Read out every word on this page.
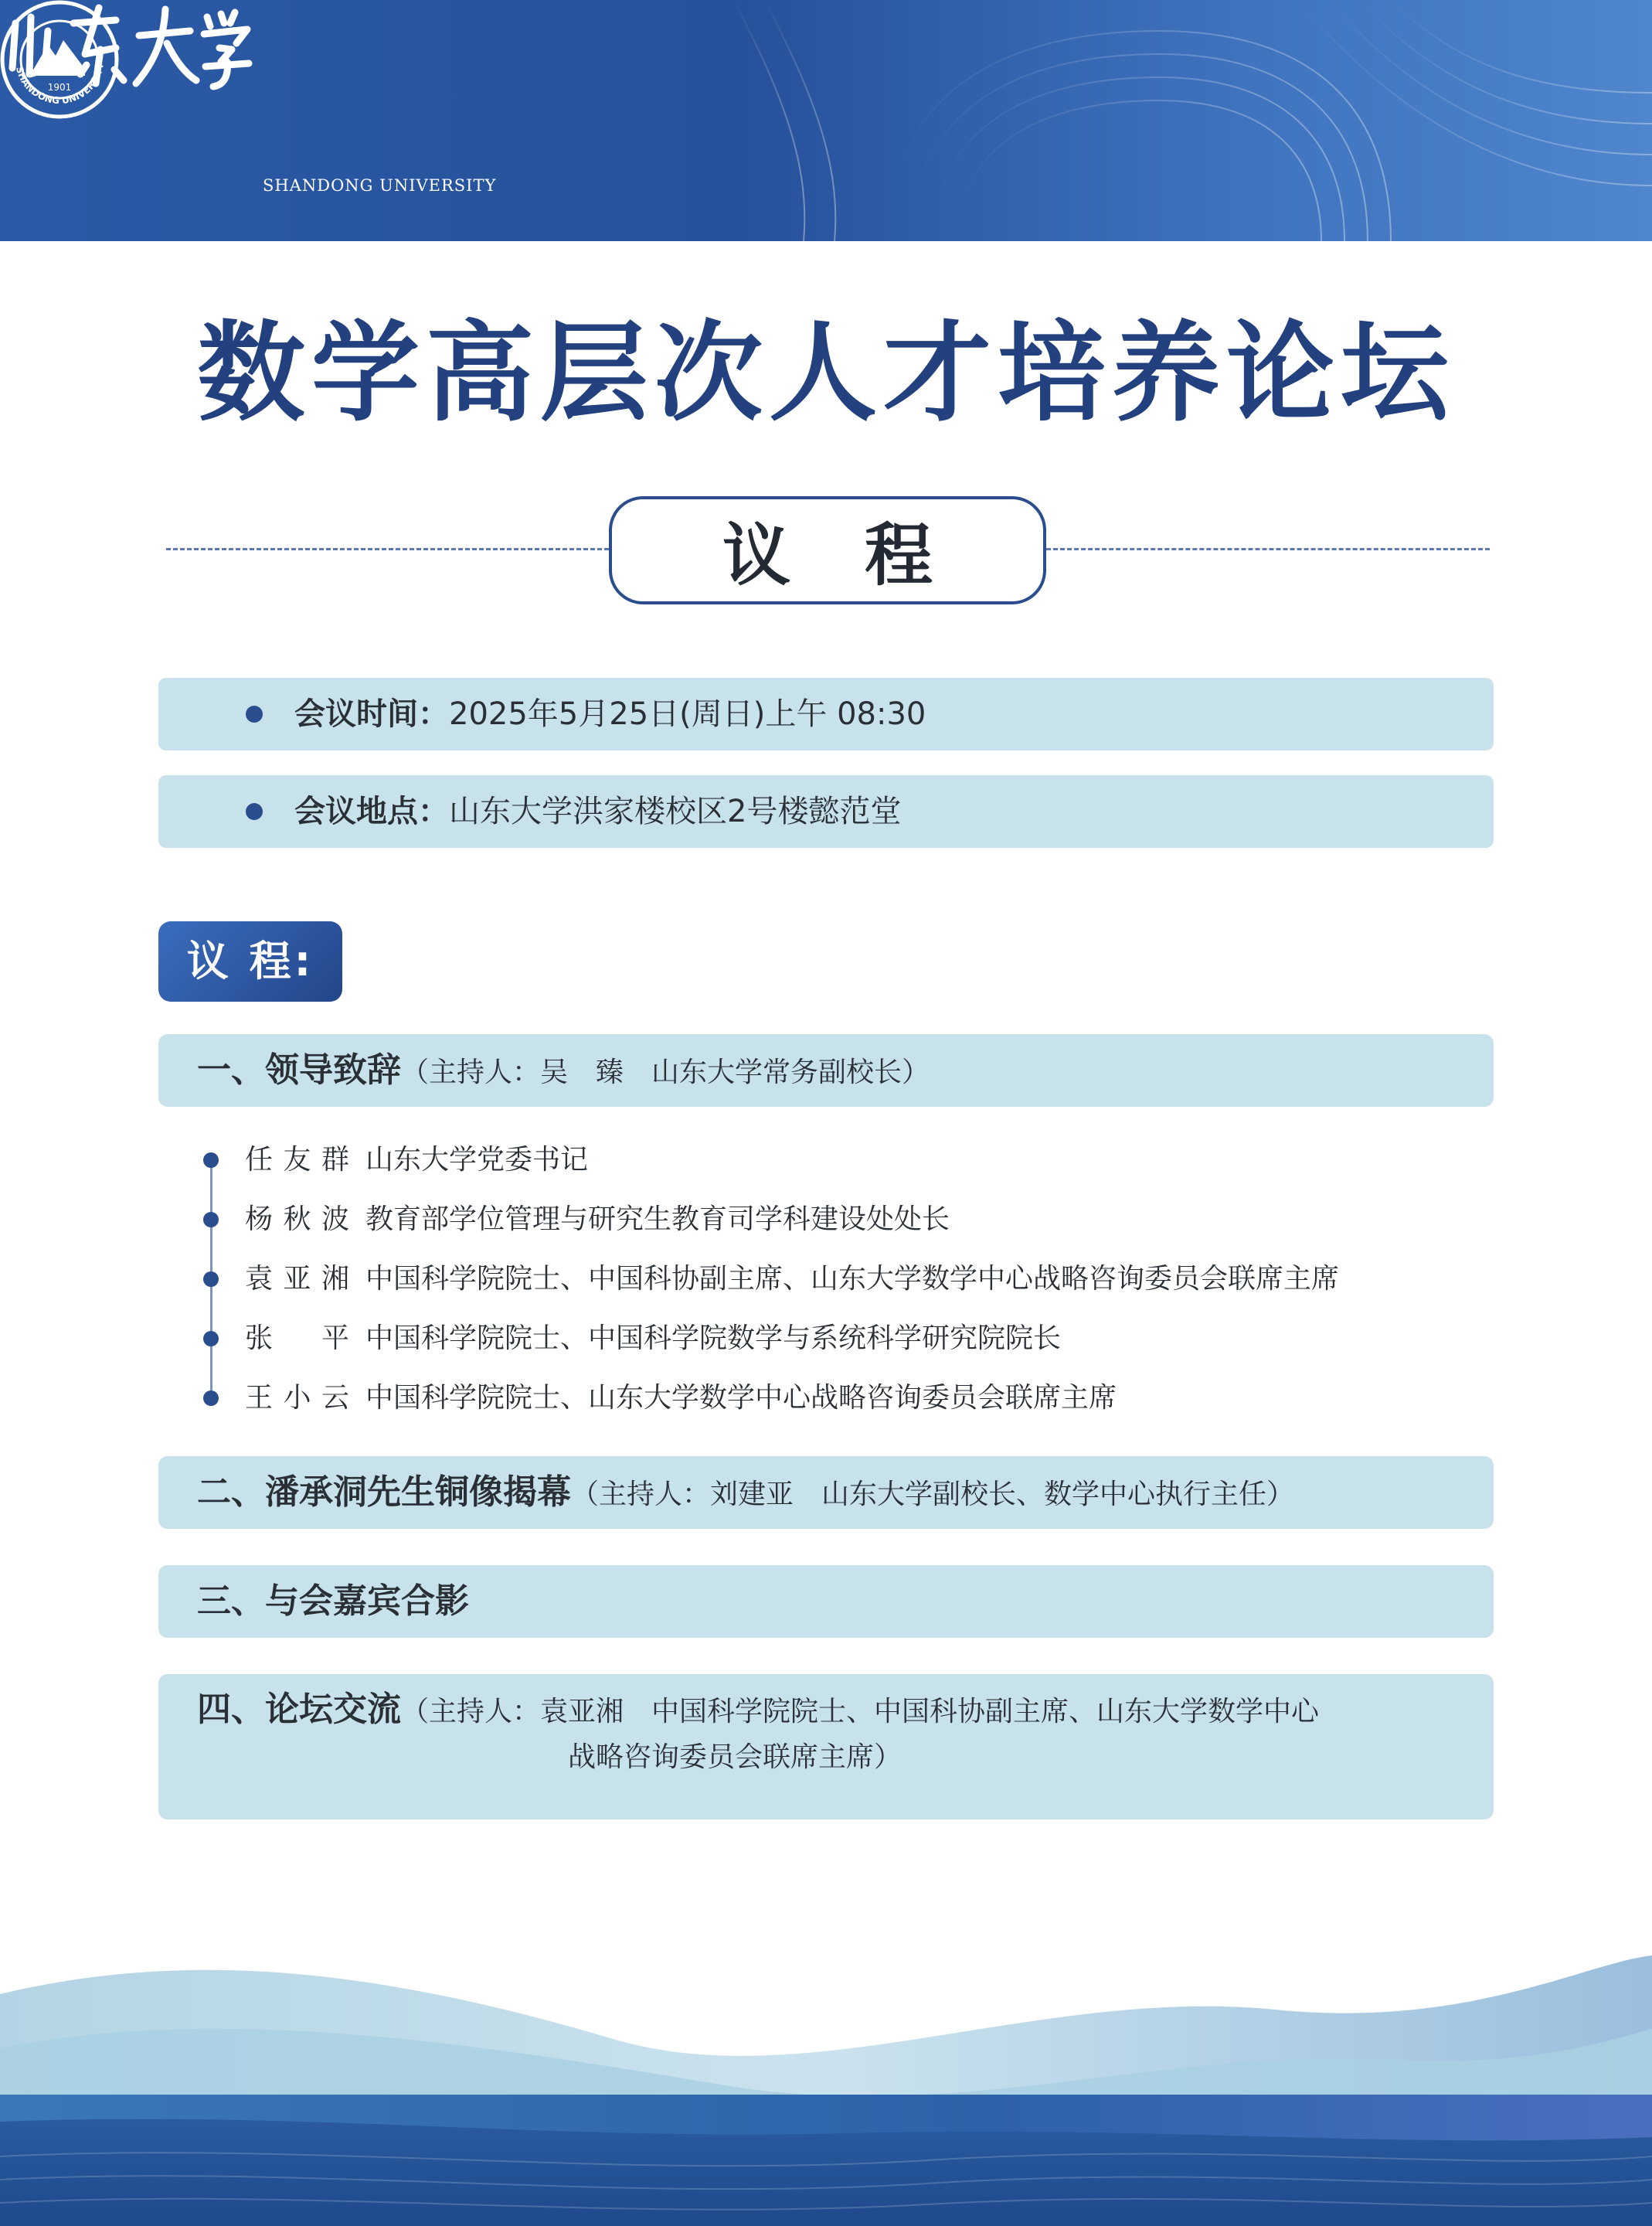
SHANDONG UNIVERSITY
1901
SHANDONG UNIVERSITY
数学高层次人才培养论坛
议 程
会议时间：2025年5月25日(周日)上午 08:30
会议地点：山东大学洪家楼校区2号楼懿范堂
议 程:
一、领导致辞（主持人：吴　臻　山东大学常务副校长）
任友群 山东大学党委书记
杨秋波 教育部学位管理与研究生教育司学科建设处处长
袁亚湘 中国科学院院士、中国科协副主席、山东大学数学中心战略咨询委员会联席主席
张平 中国科学院院士、中国科学院数学与系统科学研究院院长
王小云 中国科学院院士、山东大学数学中心战略咨询委员会联席主席
二、潘承洞先生铜像揭幕（主持人：刘建亚　山东大学副校长、数学中心执行主任）
三、与会嘉宾合影
四、论坛交流（主持人：袁亚湘　中国科学院院士、中国科协副主席、山东大学数学中心
战略咨询委员会联席主席）
